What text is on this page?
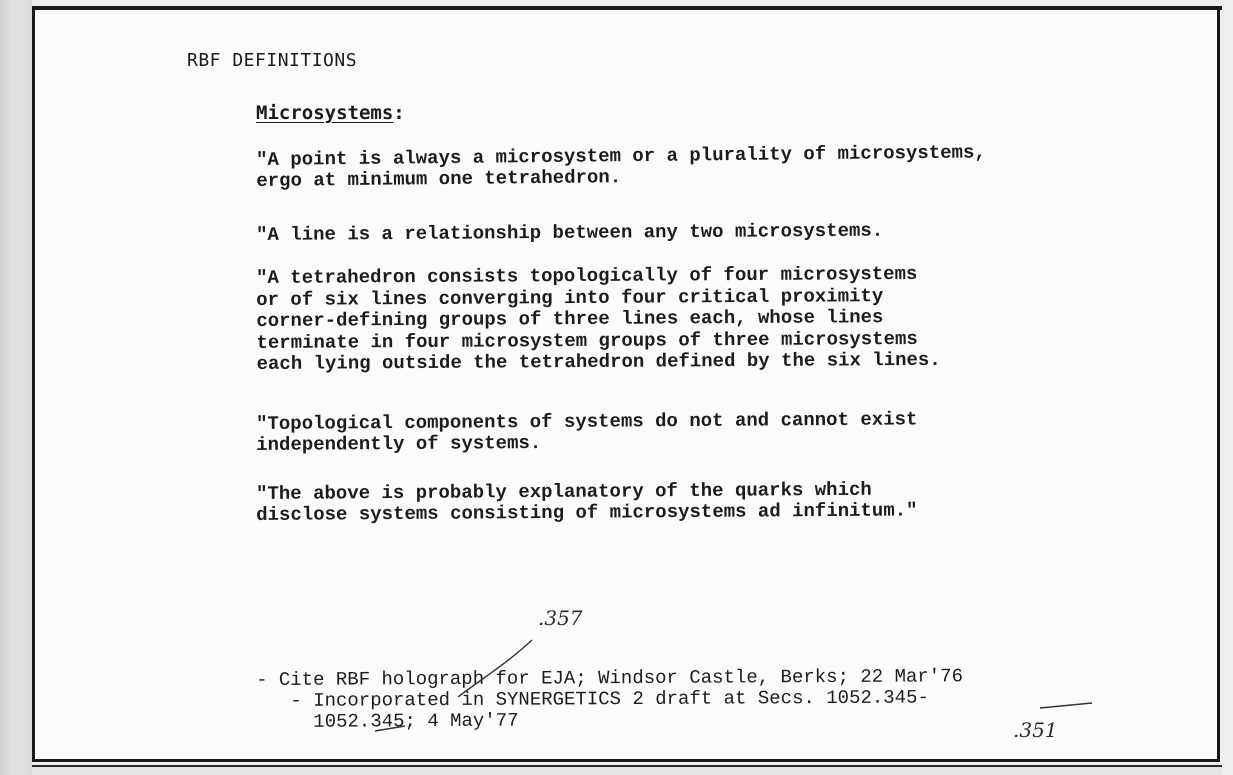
RBF DEFINITIONS
Microsystems:
"A point is always a microsystem or a plurality of microsystems,
ergo at minimum one tetrahedron.
"A line is a relationship between any two microsystems.
"A tetrahedron consists topologically of four microsystems
or of six lines converging into four critical proximity
corner-defining groups of three lines each, whose lines
terminate in four microsystem groups of three microsystems
each lying outside the tetrahedron defined by the six lines.
"Topological components of systems do not and cannot exist
independently of systems.
"The above is probably explanatory of the quarks which
disclose systems consisting of microsystems ad infinitum."
- Cite RBF holograph for EJA; Windsor Castle, Berks; 22 Mar'76
- Incorporated in SYNERGETICS 2 draft at Secs. 1052.345-
1052.345; 4 May'77
.357
.351
